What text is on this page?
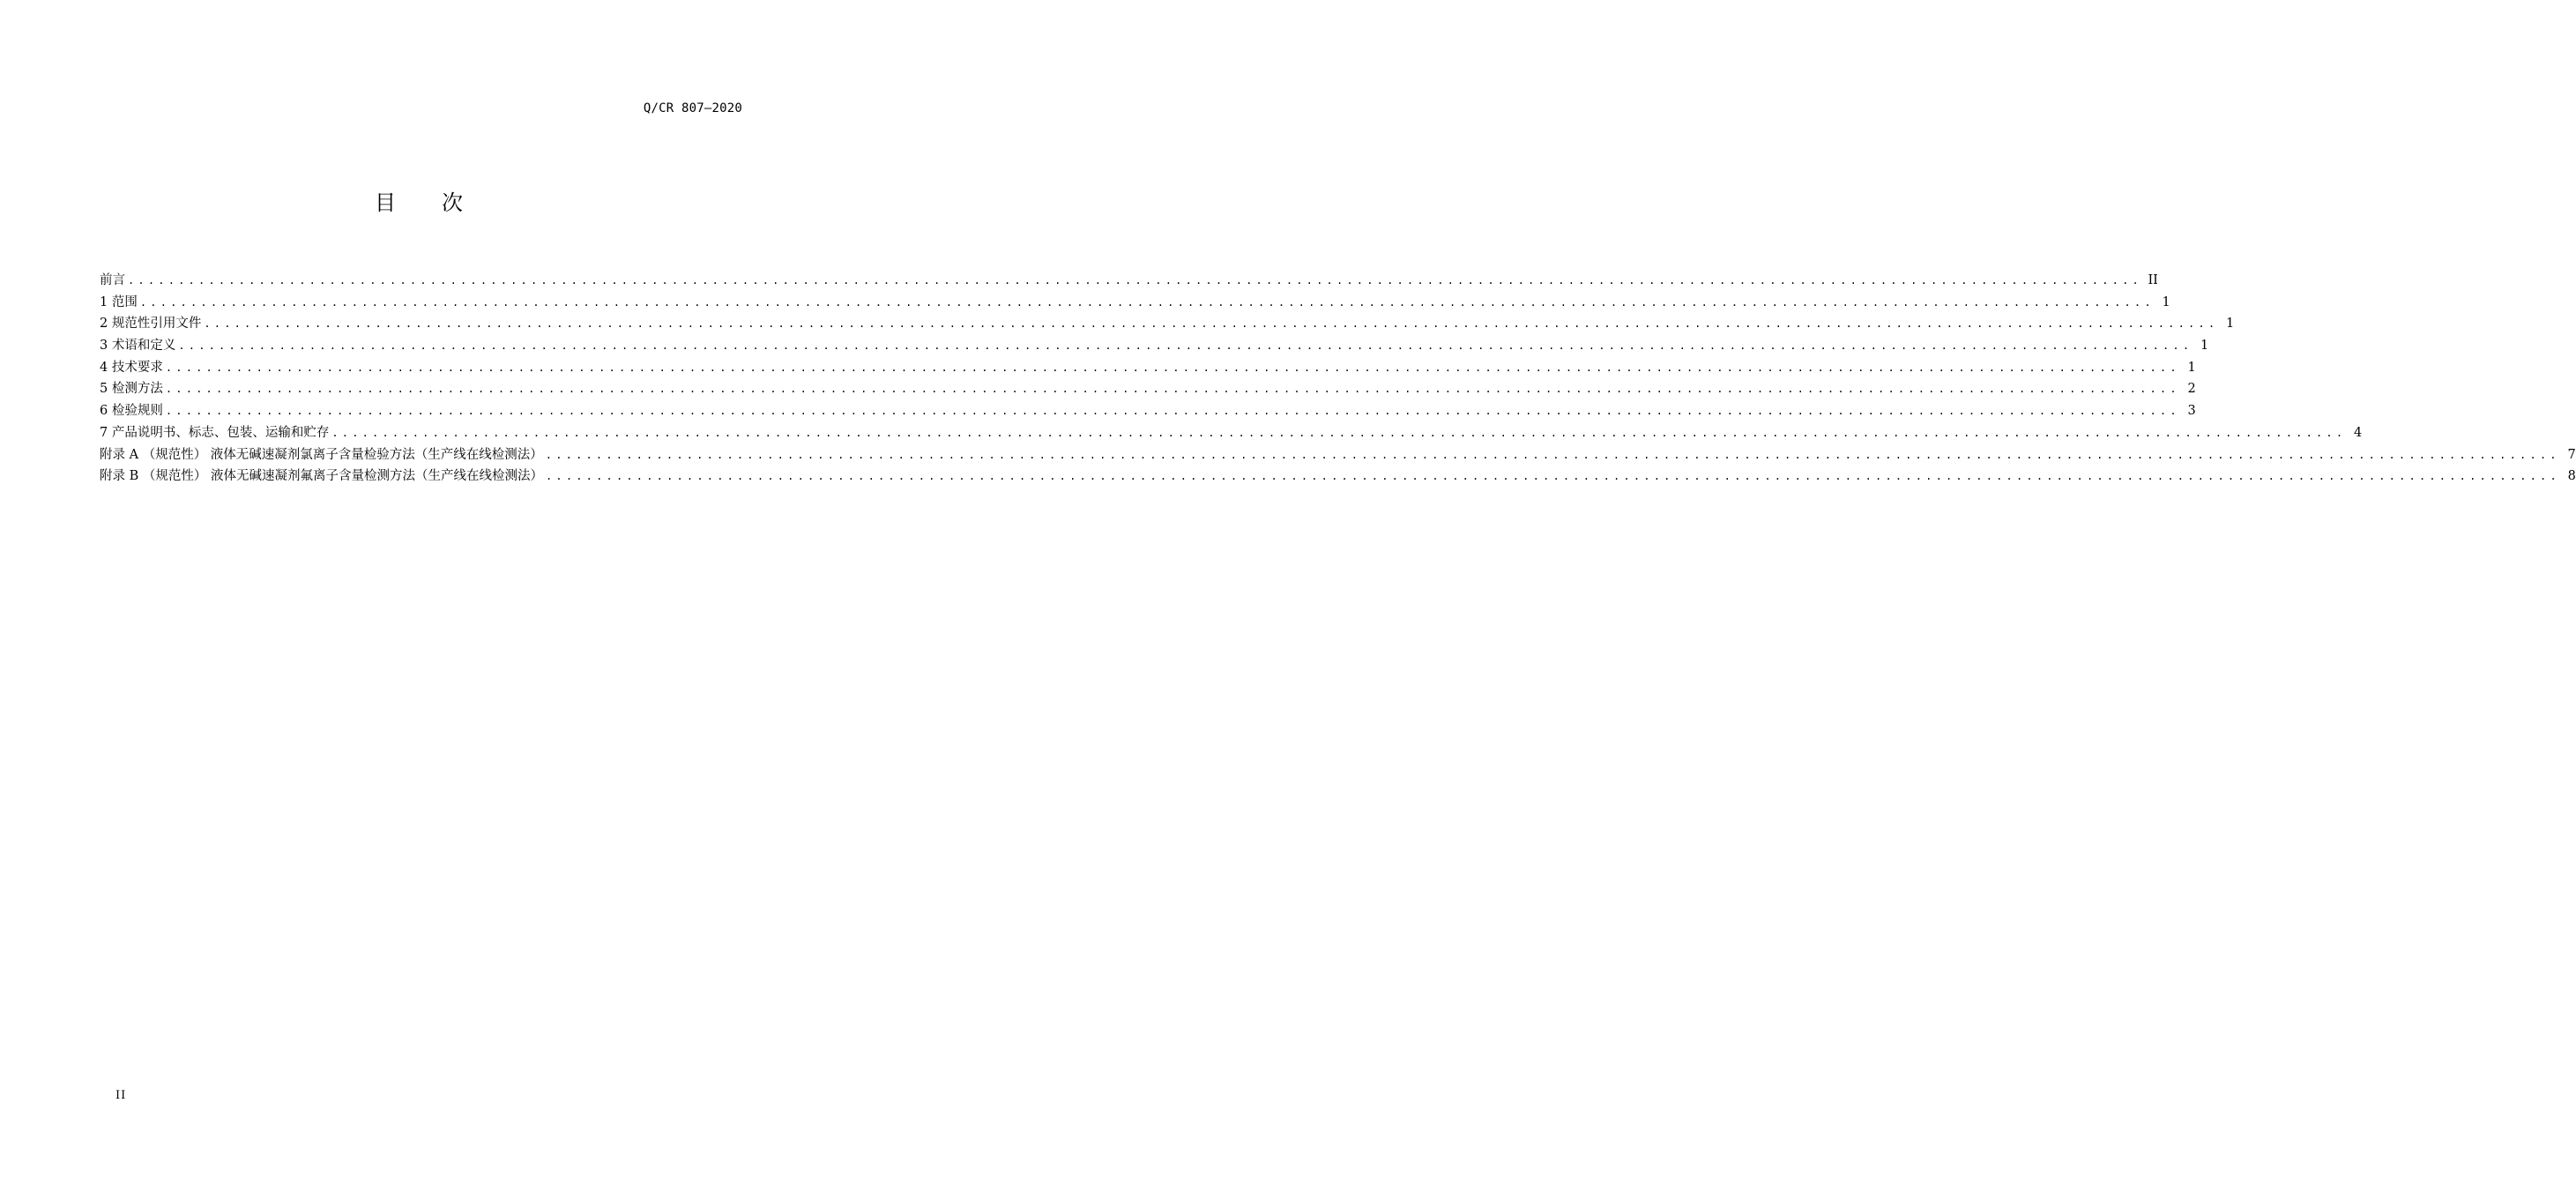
Q/CR 807—2020
目次
前言 ........................................................................................................................................................................................................ II
1 范围 ........................................................................................................................................................................................................ 1
2 规范性引用文件 ........................................................................................................................................................................................................ 1
3 术语和定义 ........................................................................................................................................................................................................ 1
4 技术要求 ........................................................................................................................................................................................................ 1
5 检测方法 ........................................................................................................................................................................................................ 2
6 检验规则 ........................................................................................................................................................................................................ 3
7 产品说明书、标志、包装、运输和贮存 ........................................................................................................................................................................................................ 4
附录 A （规范性） 液体无碱速凝剂氯离子含量检验方法（生产线在线检测法） ........................................................................................................................................................................................................ 7
附录 B （规范性） 液体无碱速凝剂氟离子含量检测方法（生产线在线检测法） ........................................................................................................................................................................................................ 8
II
